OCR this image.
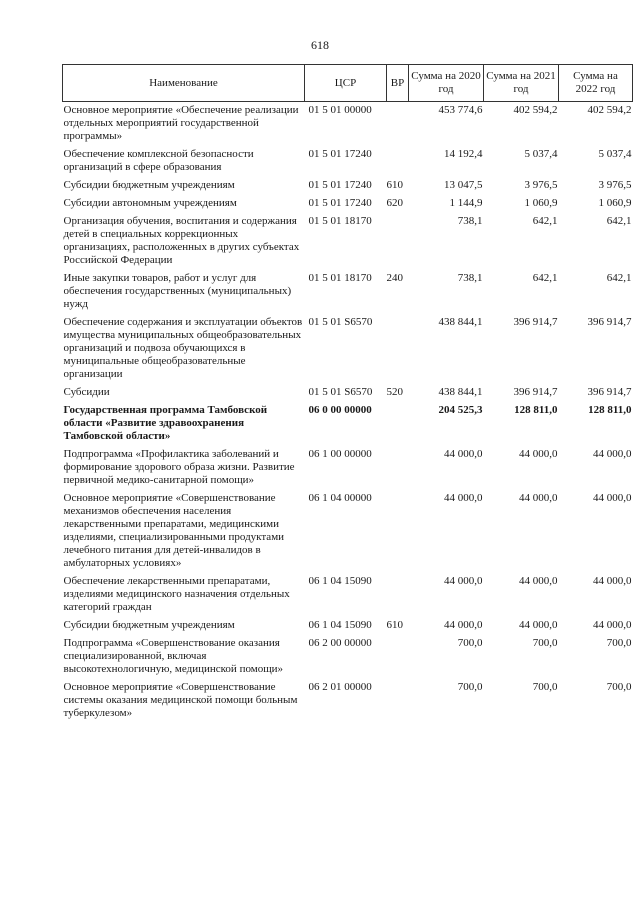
618
Наименование	ЦСР	ВР	Сумма на 2020 год	Сумма на 2021 год	Сумма на 2022 год
Основное мероприятие «Обеспечение реализации отдельных мероприятий государственной программы»	01 5 01 00000		453 774,6	402 594,2	402 594,2
Обеспечение комплексной безопасности организаций в сфере образования	01 5 01 17240		14 192,4	5 037,4	5 037,4
Субсидии бюджетным учреждениям	01 5 01 17240	610	13 047,5	3 976,5	3 976,5
Субсидии автономным учреждениям	01 5 01 17240	620	1 144,9	1 060,9	1 060,9
Организация обучения, воспитания и содержания детей в специальных коррекционных организациях, расположенных в других субъектах Российской Федерации	01 5 01 18170		738,1	642,1	642,1
Иные закупки товаров, работ и услуг для обеспечения государственных (муниципальных) нужд	01 5 01 18170	240	738,1	642,1	642,1
Обеспечение содержания и эксплуатации объектов имущества муниципальных общеобразовательных организаций и подвоза обучающихся в муниципальные общеобразовательные организации	01 5 01 S6570		438 844,1	396 914,7	396 914,7
Субсидии	01 5 01 S6570	520	438 844,1	396 914,7	396 914,7
Государственная программа Тамбовской области «Развитие здравоохранения Тамбовской области»	06 0 00 00000		204 525,3	128 811,0	128 811,0
Подпрограмма «Профилактика заболеваний и формирование здорового образа жизни. Развитие первичной медико-санитарной помощи»	06 1 00 00000		44 000,0	44 000,0	44 000,0
Основное мероприятие «Совершенствование механизмов обеспечения населения лекарственными препаратами, медицинскими изделиями, специализированными продуктами лечебного питания для детей-инвалидов в амбулаторных условиях»	06 1 04 00000		44 000,0	44 000,0	44 000,0
Обеспечение лекарственными препаратами, изделиями медицинского назначения отдельных категорий граждан	06 1 04 15090		44 000,0	44 000,0	44 000,0
Субсидии бюджетным учреждениям	06 1 04 15090	610	44 000,0	44 000,0	44 000,0
Подпрограмма «Совершенствование оказания специализированной, включая высокотехнологичную, медицинской помощи»	06 2 00 00000		700,0	700,0	700,0
Основное мероприятие «Совершенствование системы оказания медицинской помощи больным туберкулезом»	06 2 01 00000		700,0	700,0	700,0
